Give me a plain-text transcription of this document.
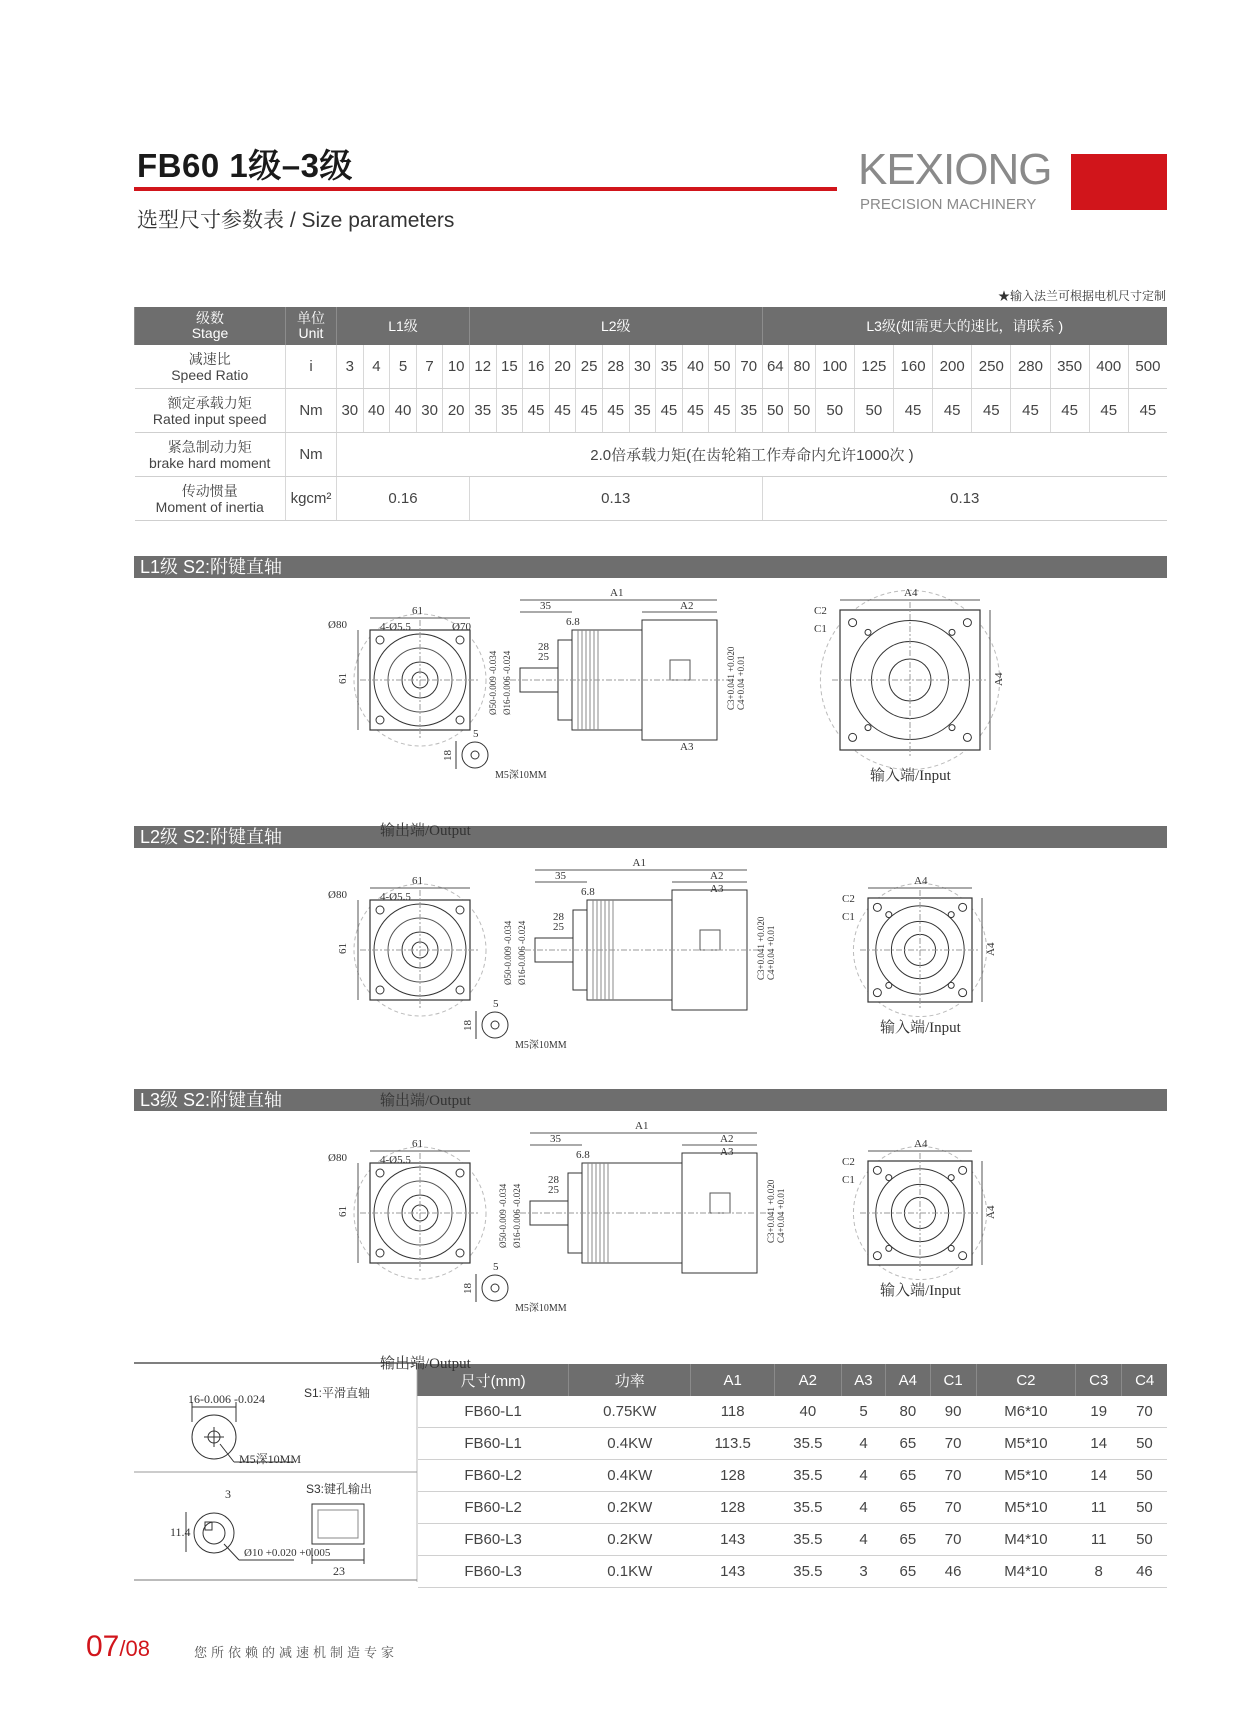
FB60 1级–3级
选型尺寸参数表 / Size parameters
KEXIONG
PRECISION MACHINERY
★输入法兰可根据电机尺寸定制
级数
Stage	单位
Unit	L1级					L2级											L3级(如需更大的速比，请联系 )										
减速比
Speed Ratio	i	3	4	5	7	10	12	15	16	20	25	28	30	35	40	50	70	64	80	100	125	160	200	250	280	350	400	500
额定承载力矩
Rated input speed	Nm	30	40	40	30	20	35	35	45	45	45	45	35	45	45	45	35	50	50	50	50	45	45	45	45	45	45	45
紧急制动力矩
brake hard moment	Nm	2.0倍承载力矩(在齿轮箱工作寿命内允许1000次 )																										
传动惯量
Moment of inertia	kgcm²	0.16					0.13											0.13										
L1级 S2:附键直轴
L2级 S2:附键直轴
L3级 S2:附键直轴
16-0.006 -0.024	S1:平滑直轴
M5深10MM
S3:键孔输出
3
11.4
Ø10 +0.020 +0.005
23
尺寸(mm)	功率	A1	A2	A3	A4	C1	C2	C3	C4
FB60-L1	0.75KW	118	40	5	80	90	M6*10	19	70
FB60-L1	0.4KW	113.5	35.5	4	65	70	M5*10	14	50
FB60-L2	0.4KW	128	35.5	4	65	70	M5*10	14	50
FB60-L2	0.2KW	128	35.5	4	65	70	M5*10	11	50
FB60-L3	0.2KW	143	35.5	4	65	70	M4*10	11	50
FB60-L3	0.1KW	143	35.5	3	65	46	M4*10	8	46
07/08	您所依赖的减速机制造专家
61
61
4-Ø5.5
Ø80	Ø70
输出端/Output
5
18
M5深10MM
A1
35	A2
6.8
28
25
A3
Ø50-0.009 -0.034 Ø16-0.006 -0.024	C3+0.041 +0.020 C4+0.04 +0.01
A4
A4
C2
C1
输入端/Input
61
61
4-Ø5.5
Ø80
输出端/Output
5
18
M5深10MM
A1
35	A2
6.8
28
25
A3
Ø50-0.009 -0.034 Ø16-0.006 -0.024	C3+0.041 +0.020 C4+0.04 +0.01
A4
A4
C2
C1
输入端/Input
61
61
4-Ø5.5
Ø80
输出端/Output
5
18
M5深10MM
A1
35	A2
6.8
28
25
A3
Ø50-0.009 -0.034 Ø16-0.006 -0.024	C3+0.041 +0.020 C4+0.04 +0.01
A4
A4
C2
C1
输入端/Input
